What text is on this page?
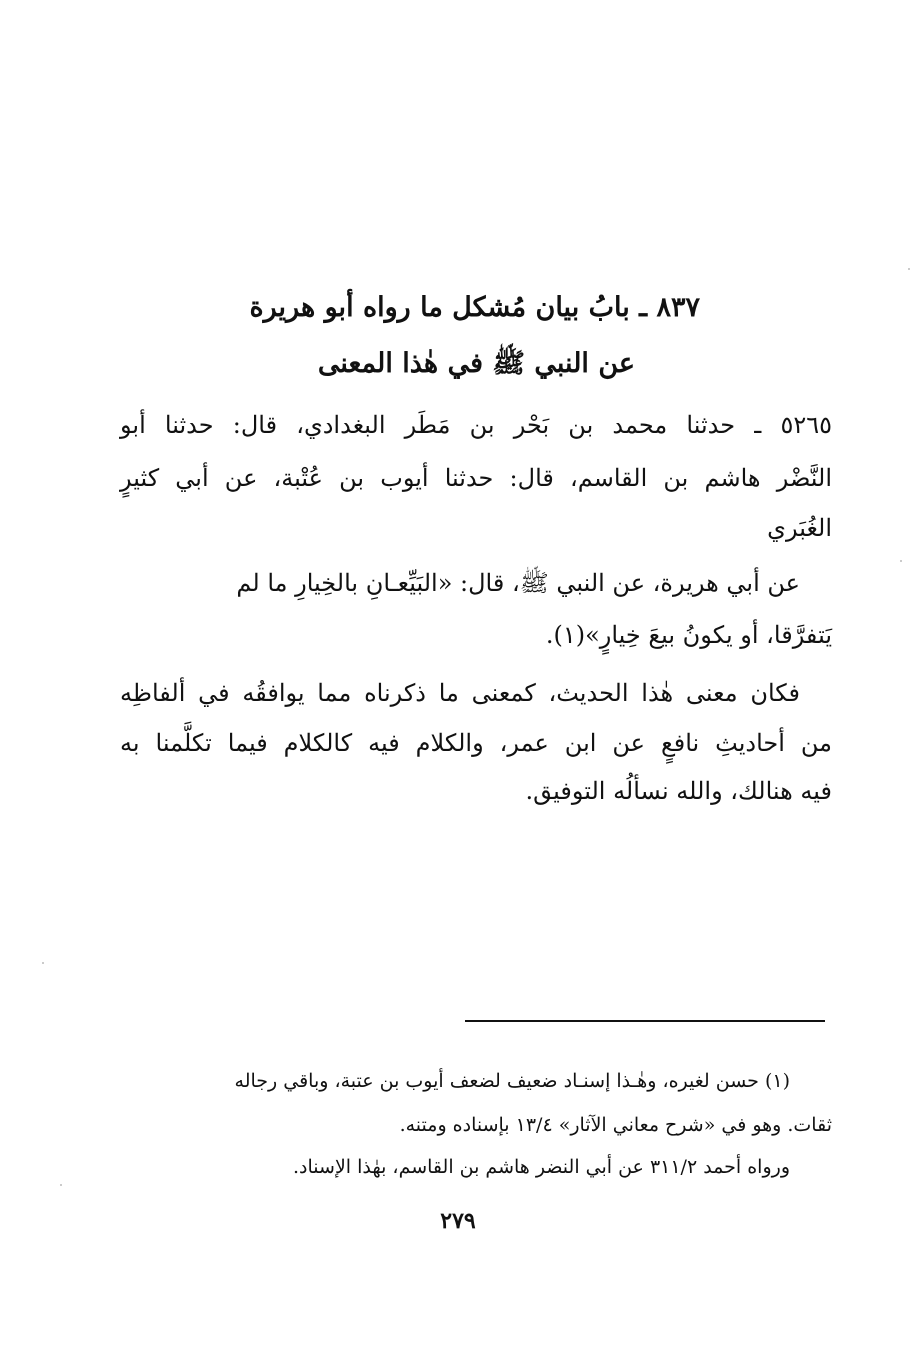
٨٣٧ ـ بابُ بيان مُشكل ما رواه أبو هريرة
عن النبي ﷺ في هٰذا المعنى
٥٢٦٥ ـ حدثنا محمد بن بَحْر بن مَطَر البغدادي، قال: حدثنا أبو
النَّضْر هاشم بن القاسم، قال: حدثنا أيوب بن عُتْبة، عن أبي كثيرٍ
الغُبَري
عن أبي هريرة، عن النبي ﷺ، قال: «البَيِّعـانِ بالخِيارِ ما لم
يَتفرَّقا، أو يكونُ بيعَ خِيارٍ»(١).
فكان معنى هٰذا الحديث، كمعنى ما ذكرناه مما يوافقُه في ألفاظِه
من أحاديثِ نافعٍ عن ابن عمر، والكلام فيه كالكلام فيما تكلَّمنا به
فيه هنالك، والله نسألُه التوفيق.
(١) حسن لغيره، وهٰـذا إسنـاد ضعيف لضعف أيوب بن عتبة، وباقي رجاله
ثقات. وهو في «شرح معاني الآثار» ١٣/٤ بإسناده ومتنه.
ورواه أحمد ٣١١/٢ عن أبي النضر هاشم بن القاسم، بهٰذا الإسناد.
٢٧٩
